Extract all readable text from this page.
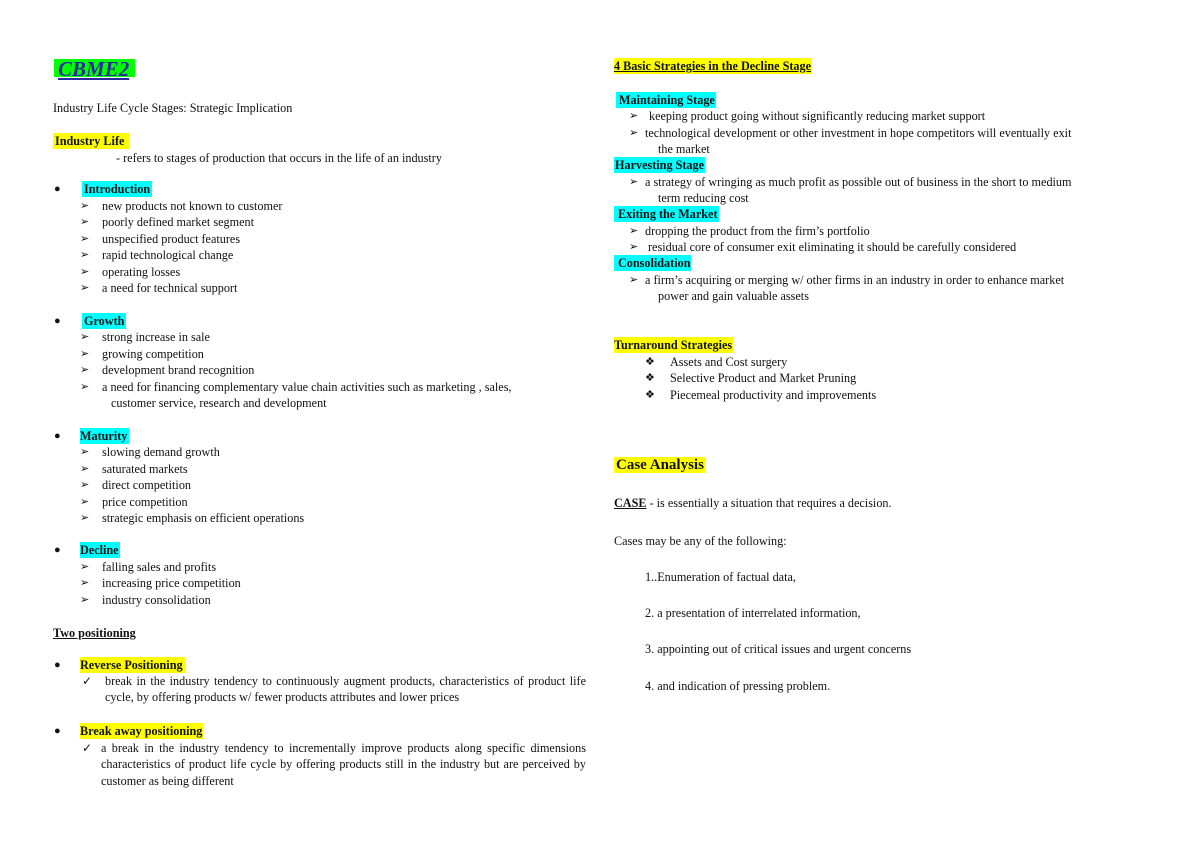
CBME2
Industry Life Cycle Stages: Strategic Implication
Industry Life
- refers to stages of production that occurs in the life of an industry
● Introduction
➢ new products not known to customer
➢ poorly defined market segment
➢ unspecified product features
➢ rapid technological change
➢ operating losses
➢ a need for technical support
● Growth
➢ strong increase in sale
➢ growing competition
➢ development brand recognition
➢ a need for financing complementary value chain activities such as marketing , sales,
customer service, research and development
● Maturity
➢ slowing demand growth
➢ saturated markets
➢ direct competition
➢ price competition
➢ strategic emphasis on efficient operations
● Decline
➢ falling sales and profits
➢ increasing price competition
➢ industry consolidation
Two positioning
● Reverse Positioning
✓ break in the industry tendency to continuously augment products, characteristics of product life cycle, by offering products w/ fewer products attributes and lower prices
● Break away positioning
✓ a break in the industry tendency to incrementally improve products along specific dimensions characteristics of product life cycle by offering products still in the industry but are perceived by customer as being different
4 Basic Strategies in the Decline Stage
Maintaining Stage
➢ keeping product going without significantly reducing market support
➢ technological development or other investment in hope competitors will eventually exit
the market
Harvesting Stage
➢ a strategy of wringing as much profit as possible out of business in the short to medium
term reducing cost
Exiting the Market
➢ dropping the product from the firm’s portfolio
➢ residual core of consumer exit eliminating it should be carefully considered
Consolidation
➢ a firm’s acquiring or merging w/ other firms in an industry in order to enhance market
power and gain valuable assets
Turnaround Strategies
❖ Assets and Cost surgery
❖ Selective Product and Market Pruning
❖ Piecemeal productivity and improvements
Case Analysis
CASE - is essentially a situation that requires a decision.
Cases may be any of the following:
1..Enumeration of factual data,
2. a presentation of interrelated information,
3. appointing out of critical issues and urgent concerns
4. and indication of pressing problem.
